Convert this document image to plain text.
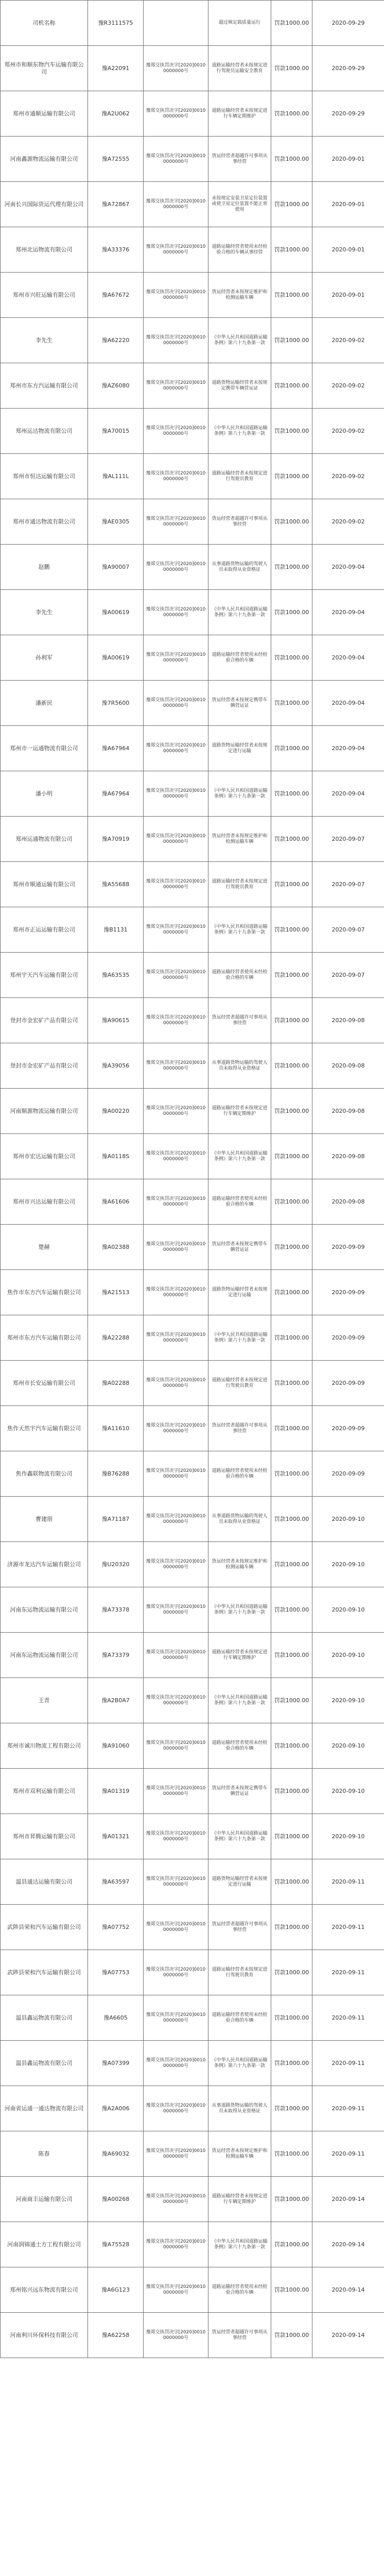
司机名称	豫R3111575		超过核定载质量运行	罚款1000.00	2020-09-29
郑州市和顺东物汽车运输有限公司	豫A22091	豫郑交执罚决字[2020]00100000000号	道路运输经营者未按规定进行驾驶员运输安全教育	罚款1000.00	2020-09-29
郑州市通顺运输有限公司	豫A2U062	豫郑交执罚决字[2020]00100000000号	道路运输经营者未按规定进行车辆定期维护	罚款1000.00	2020-09-29
河南鑫源物流运输有限公司	豫A72555	豫郑交执罚决字[2020]00100000000号	货运经营者超越许可事项从事经营	罚款1000.00	2020-09-01
河南长兴国际货运代理有限公司	豫A72867	豫郑交执罚决字[2020]00100000000号	未按规定安装卫星定位装置或使卫星定位装置不能正常使用	罚款1000.00	2020-09-01
郑州北运物流有限公司	豫A33376	豫郑交执罚决字[2020]00100000000号	道路运输经营者使用未经检验合格的车辆从事经营	罚款1000.00	2020-09-01
郑州市兴旺运输有限公司	豫A67672	豫郑交执罚决字[2020]00100000000号	货运经营者未按规定维护和检测运输车辆	罚款1000.00	2020-09-01
李先生	豫A62220	豫郑交执罚决字[2020]00100000000号	《中华人民共和国道路运输条例》第六十九条第一款	罚款1000.00	2020-09-02
郑州市东方汽运输有限公司	豫AZ6080	豫郑交执罚决字[2020]00100000000号	道路货物运输经营者未按规定携带车辆营运证	罚款1000.00	2020-09-02
郑州运达物流有限公司	豫A70015	豫郑交执罚决字[2020]00100000000号	《中华人民共和国道路运输条例》第六十九条第一款	罚款1000.00	2020-09-02
郑州市恒达运输有限公司	豫AL111L	豫郑交执罚决字[2020]00100000000号	道路运输经营者未按规定进行驾驶员教育	罚款1000.00	2020-09-02
郑州市通达物流有限公司	豫AE0305	豫郑交执罚决字[2020]00100000000号	货运经营者超越许可事项从事经营	罚款1000.00	2020-09-02
赵鹏	豫A90007	豫郑交执罚决字[2020]00100000000号	从事道路货物运输的驾驶人员未取得从业资格证	罚款1000.00	2020-09-04
李先生	豫A00619	豫郑交执罚决字[2020]00100000000号	《中华人民共和国道路运输条例》第六十九条第一款	罚款1000.00	2020-09-04
孙利军	豫A00619	豫郑交执罚决字[2020]00100000000号	道路运输经营者使用未经检验合格的车辆	罚款1000.00	2020-09-04
潘新民	豫7R5600	豫郑交执罚决字[2020]00100000000号	货运经营者未按规定携带车辆营运证	罚款1000.00	2020-09-04
郑州市一运通物流有限公司	豫A67964	豫郑交执罚决字[2020]00100000000号	道路货物运输经营者未按规定进行运输	罚款1000.00	2020-09-04
潘小明	豫A67964	豫郑交执罚决字[2020]00100000000号	《中华人民共和国道路运输条例》第六十九条第一款	罚款1000.00	2020-09-04
郑州运通物流有限公司	豫A70919	豫郑交执罚决字[2020]00100000000号	货运经营者未按规定维护和检测运输车辆	罚款1000.00	2020-09-07
郑州市顺通运输有限公司	豫A55688	豫郑交执罚决字[2020]00100000000号	道路运输经营者未按规定进行驾驶员教育	罚款1000.00	2020-09-07
郑州市正运运输有限公司	豫B1131	豫郑交执罚决字[2020]00100000000号	《中华人民共和国道路运输条例》第六十九条第一款	罚款1000.00	2020-09-07
郑州宇天汽车运输有限公司	豫A63535	豫郑交执罚决字[2020]00100000000号	道路运输经营者使用未经检验合格的车辆	罚款1000.00	2020-09-07
登封市金宏矿产品有限公司	豫A90615	豫郑交执罚决字[2020]00100000000号	货运经营者超越许可事项从事经营	罚款1000.00	2020-09-08
登封市金宏矿产品有限公司	豫A39056	豫郑交执罚决字[2020]00100000000号	从事道路货物运输的驾驶人员未取得从业资格证	罚款1000.00	2020-09-08
河南顺源物流运输有限公司	豫A00220	豫郑交执罚决字[2020]00100000000号	道路运输经营者未按规定进行车辆定期维护	罚款1000.00	2020-09-08
郑州市宏达运输有限公司	豫A0118S	豫郑交执罚决字[2020]00100000000号	《中华人民共和国道路运输条例》第六十九条第一款	罚款1000.00	2020-09-08
郑州市兴达运输有限公司	豫A61606	豫郑交执罚决字[2020]00100000000号	道路运输经营者使用未经检验合格的车辆	罚款1000.00	2020-09-08
楚赫	豫A02388	豫郑交执罚决字[2020]00100000000号	货运经营者未按规定携带车辆营运证	罚款1000.00	2020-09-09
焦作市东方汽车运输有限公司	豫A21513	豫郑交执罚决字[2020]00100000000号	道路货物运输经营者未按规定进行运输	罚款1000.00	2020-09-09
郑州市东方汽车运输有限公司	豫A22288	豫郑交执罚决字[2020]00100000000号	《中华人民共和国道路运输条例》第六十九条第一款	罚款1000.00	2020-09-09
郑州市长安运输有限公司	豫A02288	豫郑交执罚决字[2020]00100000000号	道路运输经营者未按规定进行驾驶员教育	罚款1000.00	2020-09-09
焦作天然宇汽车运输有限公司	豫A11610	豫郑交执罚决字[2020]00100000000号	货运经营者超越许可事项从事经营	罚款1000.00	2020-09-09
焦作鑫联物流有限公司	豫B76288	豫郑交执罚决字[2020]00100000000号	道路运输经营者使用未经检验合格的车辆	罚款1000.00	2020-09-09
曹建朋	豫A71187	豫郑交执罚决字[2020]00100000000号	从事道路货物运输的驾驶人员未取得从业资格证	罚款1000.00	2020-09-10
济源市龙达汽车运输有限公司	豫U20320	豫郑交执罚决字[2020]00100000000号	货运经营者未按规定维护和检测运输车辆	罚款1000.00	2020-09-10
河南东运物流运输有限公司	豫A73378	豫郑交执罚决字[2020]00100000000号	《中华人民共和国道路运输条例》第六十九条第一款	罚款1000.00	2020-09-10
河南东运物流运输有限公司	豫A73379	豫郑交执罚决字[2020]00100000000号	道路运输经营者未按规定进行车辆定期维护	罚款1000.00	2020-09-10
王青	豫A2B0A7	豫郑交执罚决字[2020]00100000000号	《中华人民共和国道路运输条例》第六十九条第一款	罚款1000.00	2020-09-10
郑州市诚川物流工程有限公司	豫A91060	豫郑交执罚决字[2020]00100000000号	道路运输经营者使用未经检验合格的车辆	罚款1000.00	2020-09-10
郑州市双利运输有限公司	豫A01319	豫郑交执罚决字[2020]00100000000号	货运经营者未按规定携带车辆营运证	罚款1000.00	2020-09-10
郑州市昇腾运输有限公司	豫A01321	豫郑交执罚决字[2020]00100000000号	《中华人民共和国道路运输条例》第六十九条第一款	罚款1000.00	2020-09-10
温县通达运输有限公司	豫A63597	豫郑交执罚决字[2020]00100000000号	道路货物运输经营者未按规定进行运输	罚款1000.00	2020-09-11
武陟县荣和汽车运输有限公司	豫A07752	豫郑交执罚决字[2020]00100000000号	货运经营者超越许可事项从事经营	罚款1000.00	2020-09-11
武陟县荣和汽车运输有限公司	豫A07753	豫郑交执罚决字[2020]00100000000号	道路运输经营者未按规定进行驾驶员教育	罚款1000.00	2020-09-11
温县鑫运物流有限公司	豫A6605	豫郑交执罚决字[2020]00100000000号	道路运输经营者使用未经检验合格的车辆	罚款1000.00	2020-09-11
温县鑫运物流有限公司	豫A07399	豫郑交执罚决字[2020]00100000000号	《中华人民共和国道路运输条例》第六十九条第一款	罚款1000.00	2020-09-11
河南省运通一通达物流有限公司	豫A2A006	豫郑交执罚决字[2020]00100000000号	从事道路货物运输的驾驶人员未取得从业资格证	罚款1000.00	2020-09-11
陈春	豫A69032	豫郑交执罚决字[2020]00100000000号	货运经营者未按规定维护和检测运输车辆	罚款1000.00	2020-09-11
河南商丰运输有限公司	豫A00268	豫郑交执罚决字[2020]00100000000号	道路运输经营者未按规定进行车辆定期维护	罚款1000.00	2020-09-14
河南润锦通土方工程有限公司	豫A75528	豫郑交执罚决字[2020]00100000000号	《中华人民共和国道路运输条例》第六十九条第一款	罚款1000.00	2020-09-14
郑州铭兴远东物流有限公司	豫A6G123	豫郑交执罚决字[2020]00100000000号	道路运输经营者使用未经检验合格的车辆	罚款1000.00	2020-09-14
河南利川环保科技有限公司	豫A62258	豫郑交执罚决字[2020]00100000000号	货运经营者超越许可事项从事经营	罚款1000.00	2020-09-14
